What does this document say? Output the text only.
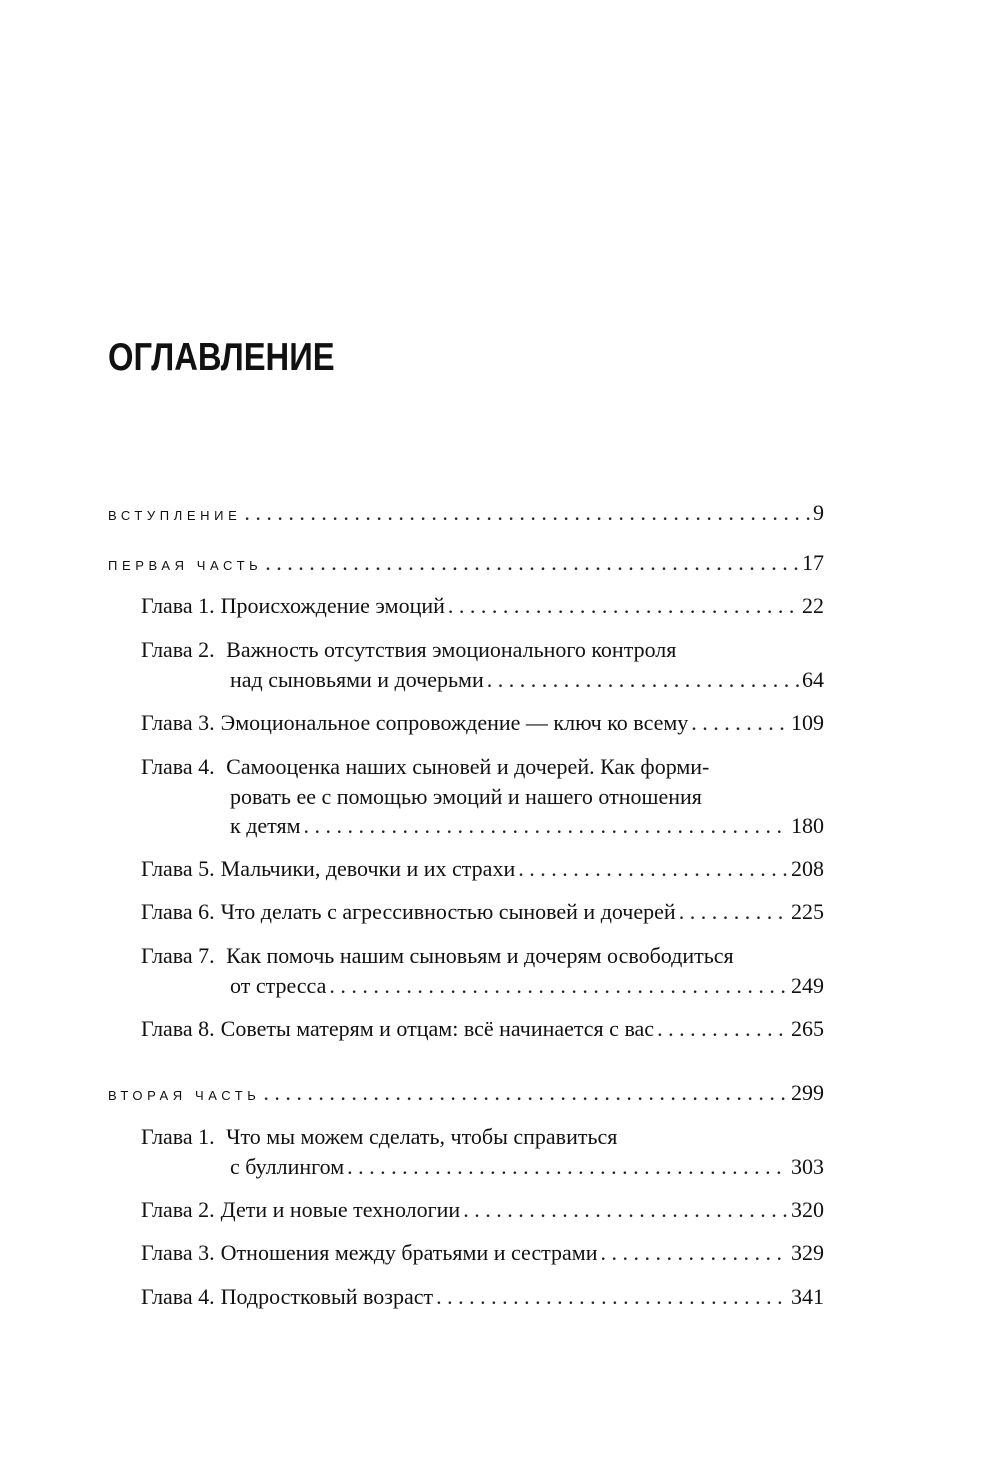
ОГЛАВЛЕНИЕ
ВСТУПЛЕНИЕ . . .	9
ПЕРВАЯ ЧАСТЬ . . .	17
Глава 1. Происхождение эмоций . . .	22
Глава 2. Важность отсутствия эмоционального контроля
над сыновьями и дочерьми . . .	64
Глава 3. Эмоциональное сопровождение — ключ ко всему . . .	109
Глава 4. Самооценка наших сыновей и дочерей. Как форми-
ровать ее с помощью эмоций и нашего отношения
к детям . . .	180
Глава 5. Мальчики, девочки и их страхи . . .	208
Глава 6. Что делать с агрессивностью сыновей и дочерей . . .	225
Глава 7. Как помочь нашим сыновьям и дочерям освободиться
от стресса . . .	249
Глава 8. Советы матерям и отцам: всё начинается с вас . . .	265
ВТОРАЯ ЧАСТЬ . . .	299
Глава 1. Что мы можем сделать, чтобы справиться
с буллингом . . .	303
Глава 2. Дети и новые технологии . . .	320
Глава 3. Отношения между братьями и сестрами . . .	329
Глава 4. Подростковый возраст . . .	341
